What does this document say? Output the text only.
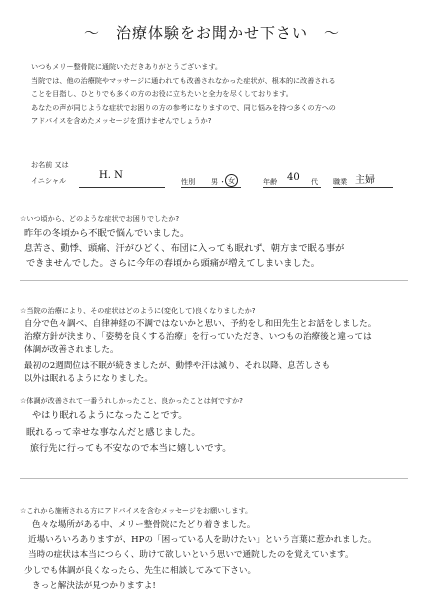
～　治療体験をお聞かせ下さい　～
いつもメリー整骨院に通院いただきありがとうございます。
当院では、他の治療院やマッサージに通われても改善されなかった症状が、根本的に改善される
ことを目指し、ひとりでも多くの方のお役に立ちたいと全力を尽くしております。
あなたの声が同じような症状でお困りの方の参考になりますので、同じ悩みを持つ多くの方への
アドバイスを含めたメッセージを頂けませんでしょうか?
お名前 又は
イニシャル	H. N
性別 男 ・ 女	年齢 40 代 職業 主婦
☆いつ頃から、どのような症状でお困りでしたか?
昨年の冬頃から不眠で悩んでいました。
息苦さ、動悸、頭痛、汗がひどく、布団に入っても眠れず、朝方まで眠る事が
できませんでした。さらに今年の春頃から頭痛が増えてしまいました。
☆当院の治療により、その症状はどのように(変化して)良くなりましたか?
自分で色々調べ、自律神経の不調ではないかと思い、予約をし和田先生とお話をしました。
治療方針が決まり、「姿勢を良くする治療」を行っていただき、いつもの治療後と違っては
体調が改善されました。
最初の2週間位は不眠が続きましたが、動悸や汗は減り、それ以降、息苦しさも
以外は眠れるようになりました。
☆体調が改善されて一番うれしかったこと、良かったことは何ですか?
やはり眠れるようになったことです。
眠れるって幸せな事なんだと感じました。
旅行先に行っても不安なので本当に嬉しいです。
☆これから施術される方にアドバイスを含むメッセージをお願いします。
色々な場所がある中、メリー整骨院にたどり着きました。
近場いろいろありますが、HPの「困っている人を助けたい」という言葉に惹かれました。
当時の症状は本当につらく、助けて欲しいという思いで通院したのを覚えています。
少しでも体調が良くなったら、先生に相談してみて下さい。
きっと解決法が見つかりますよ!
